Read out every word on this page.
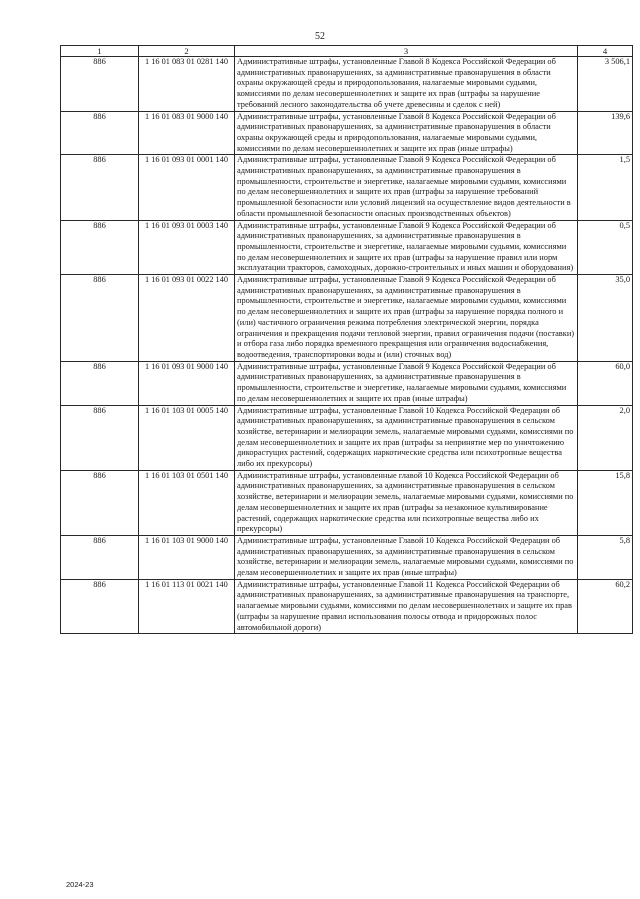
52
1	2	3	4
886	1 16 01 083 01 0281 140	Административные штрафы, установленные Главой 8 Кодекса Российской Федерации об административных правонарушениях, за административные правонарушения в области охраны окружающей среды и природопользования, налагаемые мировыми судьями, комиссиями по делам несовершеннолетних и защите их прав (штрафы за нарушение требований лесного законодательства об учете древесины и сделок с ней)	3 506,1
886	1 16 01 083 01 9000 140	Административные штрафы, установленные Главой 8 Кодекса Российской Федерации об административных правонарушениях, за административные правонарушения в области охраны окружающей среды и природопользования, налагаемые мировыми судьями, комиссиями по делам несовершеннолетних и защите их прав (иные штрафы)	139,6
886	1 16 01 093 01 0001 140	Административные штрафы, установленные Главой 9 Кодекса Российской Федерации об административных правонарушениях, за административные правонарушения в промышленности, строительстве и энергетике, налагаемые мировыми судьями, комиссиями по делам несовершеннолетних и защите их прав (штрафы за нарушение требований промышленной безопасности или условий лицензий на осуществление видов деятельности в области промышленной безопасности опасных производственных объектов)	1,5
886	1 16 01 093 01 0003 140	Административные штрафы, установленные Главой 9 Кодекса Российской Федерации об административных правонарушениях, за административные правонарушения в промышленности, строительстве и энергетике, налагаемые мировыми судьями, комиссиями по делам несовершеннолетних и защите их прав (штрафы за нарушение правил или норм эксплуатации тракторов, самоходных, дорожно-строительных и иных машин и оборудования)	0,5
886	1 16 01 093 01 0022 140	Административные штрафы, установленные Главой 9 Кодекса Российской Федерации об административных правонарушениях, за административные правонарушения в промышленности, строительстве и энергетике, налагаемые мировыми судьями, комиссиями по делам несовершеннолетних и защите их прав (штрафы за нарушение порядка полного и (или) частичного ограничения режима потребления электрической энергии, порядка ограничения и прекращения подачи тепловой энергии, правил ограничения подачи (поставки) и отбора газа либо порядка временного прекращения или ограничения водоснабжения, водоотведения, транспортировки воды и (или) сточных вод)	35,0
886	1 16 01 093 01 9000 140	Административные штрафы, установленные Главой 9 Кодекса Российской Федерации об административных правонарушениях, за административные правонарушения в промышленности, строительстве и энергетике, налагаемые мировыми судьями, комиссиями по делам несовершеннолетних и защите их прав (иные штрафы)	60,0
886	1 16 01 103 01 0005 140	Административные штрафы, установленные Главой 10 Кодекса Российской Федерации об административных правонарушениях, за административные правонарушения в сельском хозяйстве, ветеринарии и мелиорации земель, налагаемые мировыми судьями, комиссиями по делам несовершеннолетних и защите их прав (штрафы за непринятие мер по уничтожению дикорастущих растений, содержащих наркотические средства или психотропные вещества либо их прекурсоры)	2,0
886	1 16 01 103 01 0501 140	Административные штрафы, установленные главой 10 Кодекса Российской Федерации об административных правонарушениях, за административные правонарушения в сельском хозяйстве, ветеринарии и мелиорации земель, налагаемые мировыми судьями, комиссиями по делам несовершеннолетних и защите их прав (штрафы за незаконное культивирование растений, содержащих наркотические средства или психотропные вещества либо их прекурсоры)	15,8
886	1 16 01 103 01 9000 140	Административные штрафы, установленные Главой 10 Кодекса Российской Федерации об административных правонарушениях, за административные правонарушения в сельском хозяйстве, ветеринарии и мелиорации земель, налагаемые мировыми судьями, комиссиями по делам несовершеннолетних и защите их прав (иные штрафы)	5,8
886	1 16 01 113 01 0021 140	Административные штрафы, установленные Главой 11 Кодекса Российской Федерации об административных правонарушениях, за административные правонарушения на транспорте, налагаемые мировыми судьями, комиссиями по делам несовершеннолетних и защите их прав (штрафы за нарушение правил использования полосы отвода и придорожных полос автомобильной дороги)	60,2
2024-23
